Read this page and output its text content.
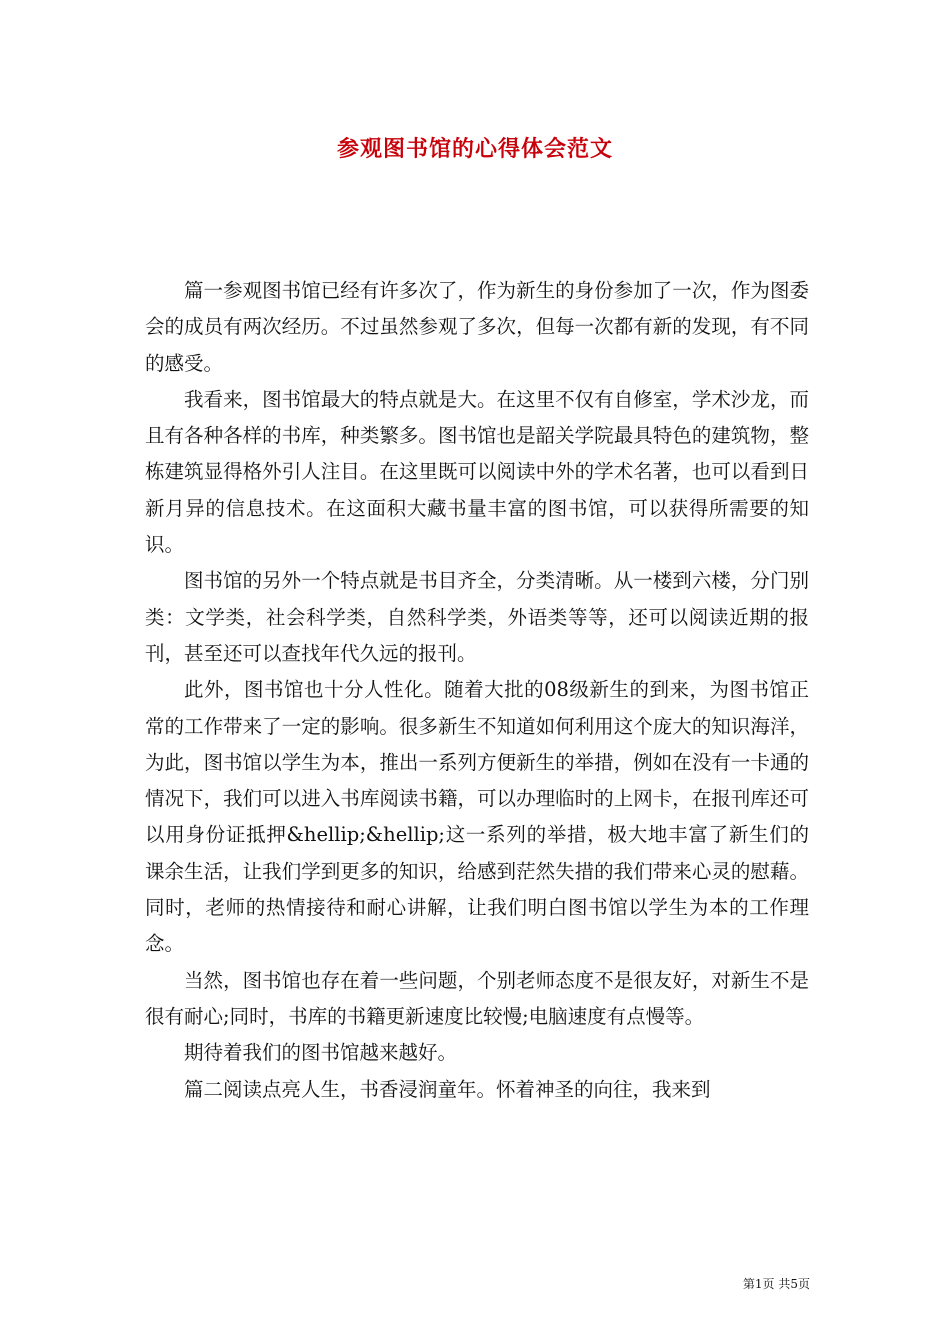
参观图书馆的心得体会范文

篇一参观图书馆已经有许多次了，作为新生的身份参加了一次，作为图委会的成员有两次经历。不过虽然参观了多次，但每一次都有新的发现，有不同的感受。

我看来，图书馆最大的特点就是大。在这里不仅有自修室，学术沙龙，而且有各种各样的书库，种类繁多。图书馆也是韶关学院最具特色的建筑物，整栋建筑显得格外引人注目。在这里既可以阅读中外的学术名著，也可以看到日新月异的信息技术。在这面积大藏书量丰富的图书馆，可以获得所需要的知识。

图书馆的另外一个特点就是书目齐全，分类清晰。从一楼到六楼，分门别类：文学类，社会科学类，自然科学类，外语类等等，还可以阅读近期的报刊，甚至还可以查找年代久远的报刊。

此外，图书馆也十分人性化。随着大批的08级新生的到来，为图书馆正常的工作带来了一定的影响。很多新生不知道如何利用这个庞大的知识海洋，为此，图书馆以学生为本，推出一系列方便新生的举措，例如在没有一卡通的情况下，我们可以进入书库阅读书籍，可以办理临时的上网卡，在报刊库还可以用身份证抵押&hellip;&hellip;这一系列的举措，极大地丰富了新生们的课余生活，让我们学到更多的知识，给感到茫然失措的我们带来心灵的慰藉。同时，老师的热情接待和耐心讲解，让我们明白图书馆以学生为本的工作理念。

当然，图书馆也存在着一些问题，个别老师态度不是很友好，对新生不是很有耐心;同时，书库的书籍更新速度比较慢;电脑速度有点慢等。

期待着我们的图书馆越来越好。

篇二阅读点亮人生，书香浸润童年。怀着神圣的向往，我来到

第1页 共5页
